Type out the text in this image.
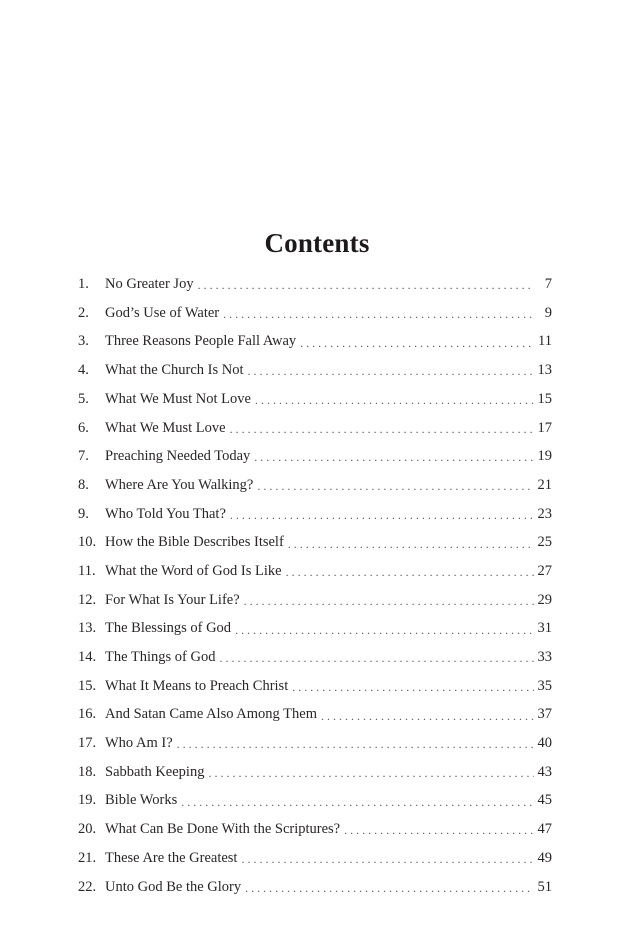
Contents
1.	No Greater Joy . . .	7
2.	God’s Use of Water . . .	9
3.	Three Reasons People Fall Away . . .	11
4.	What the Church Is Not . . .	13
5.	What We Must Not Love . . .	15
6.	What We Must Love . . .	17
7.	Preaching Needed Today . . .	19
8.	Where Are You Walking? . . .	21
9.	Who Told You That? . . .	23
10. How the Bible Describes Itself . . .	25
11. What the Word of God Is Like . . .	27
12. For What Is Your Life? . . .	29
13. The Blessings of God . . .	31
14. The Things of God . . .	33
15. What It Means to Preach Christ . . .	35
16. And Satan Came Also Among Them . . .	37
17. Who Am I? . . .	40
18. Sabbath Keeping . . .	43
19. Bible Works . . .	45
20. What Can Be Done With the Scriptures? . . .	47
21. These Are the Greatest . . .	49
22. Unto God Be the Glory . . .	51
